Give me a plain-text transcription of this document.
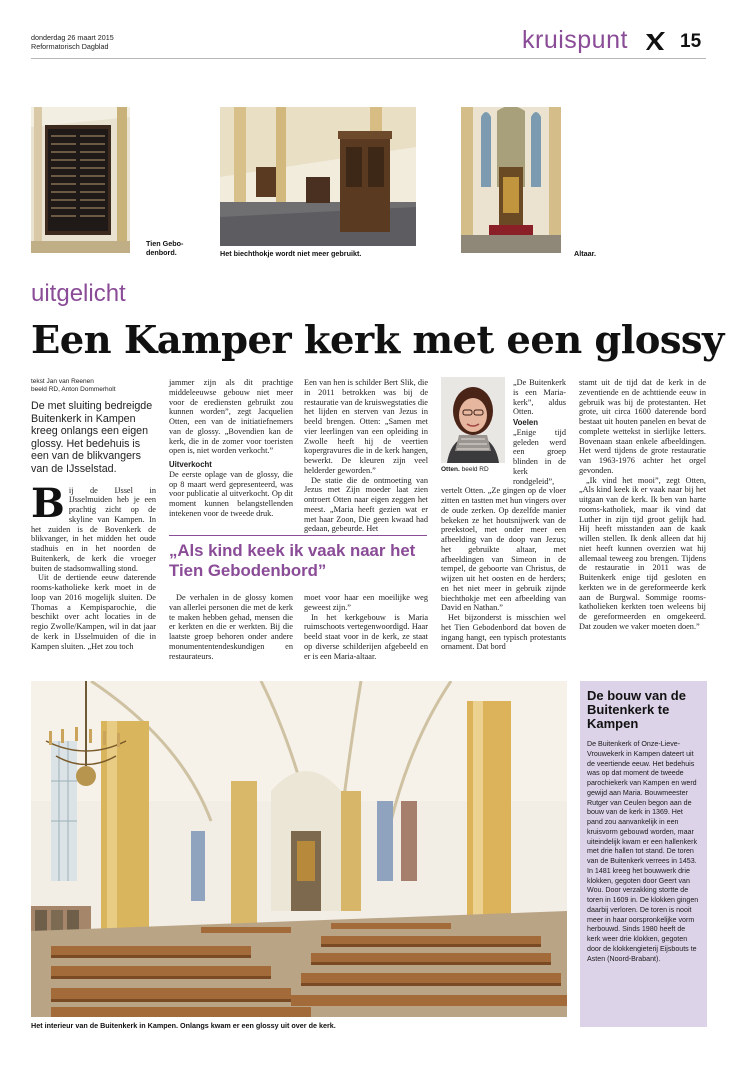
donderdag 26 maart 2015
Reformatorisch Dagblad	kruispunt	15
Tien Gebo-
denbord.	Het biechthokje wordt niet meer gebruikt.	Altaar.
uitgelicht
Een Kamper kerk met een glossy
tekst Jan van Reenen
beeld RD, Anton Dommerholt
De met sluiting bedreigde Buitenkerk in Kampen kreeg onlangs een eigen glossy. Het bedehuis is een van de blikvangers van de IJsselstad.

Bij de IJssel in IJsselmuiden heb je een prachtig zicht op de skyline van Kampen. In het zuiden is de Bovenkerk de blikvanger, in het midden het oude stadhuis en in het noorden de Buitenkerk, de kerk die vroeger buiten de stadsomwalling stond.

Uit de dertiende eeuw daterende rooms-katholieke kerk moet in de loop van 2016 mogelijk sluiten. De Thomas a Kempisparochie, die beschikt over acht locaties in de regio Zwolle/Kampen, wil in dat jaar de kerk in IJsselmuiden of die in Kampen sluiten. „Het zou toch

jammer zijn als dit prachtige middeleeuwse gebouw niet meer voor de erediensten gebruikt zou kunnen worden”, zegt Jacquelien Otten, een van de initiatiefnemers van de glossy. „Bovendien kan de kerk, die in de zomer voor toeristen open is, niet worden verkocht.”

Uitverkocht

De eerste oplage van de glossy, die op 8 maart werd gepresenteerd, was voor publicatie al uitverkocht. Op dit moment kunnen belangstellenden intekenen voor de tweede druk.

De verhalen in de glossy komen van allerlei personen die met de kerk te maken hebben gehad, mensen die er kerkten en die er werkten. Bij die laatste groep behoren onder andere monumententendeskundigen en restaurateurs.

„Als kind keek ik vaak naar het Tien Gebodenbord”

Een van hen is schilder Bert Slik, die in 2011 betrokken was bij de restauratie van de kruiswegstaties die het lijden en sterven van Jezus in beeld brengen. Otten: „Samen met vier leerlingen van een opleiding in Zwolle heeft hij de veertien kopergravures die in de kerk hangen, bewerkt. De kleuren zijn veel helderder geworden.”

De statie die de ontmoeting van Jezus met Zijn moeder laat zien ontroert Otten naar eigen zeggen het meest. „Maria heeft gezien wat er met haar Zoon, Die geen kwaad had gedaan, gebeurde. Het

moet voor haar een moeilijke weg geweest zijn.”

In het kerkgebouw is Maria ruimschoots vertegenwoordigd. Haar beeld staat voor in de kerk, ze staat op diverse schilderijen afgebeeld en er is een Maria-altaar.

Otten. beeld RD

„De Buitenkerk is een Maria-kerk”, aldus Otten.

Voelen

„Enige tijd geleden werd een groep blinden in de kerk rondgeleid”, vertelt Otten. „Ze gingen op de vloer zitten en tastten met hun vingers over de oude zerken. Op dezelfde manier bekeken ze het houtsnijwerk van de preekstoel, met onder meer een afbeelding van de doop van Jezus; het gebruikte altaar, met afbeeldingen van Simeon in de tempel, de geboorte van Christus, de wijzen uit het oosten en de herders; en het niet meer in gebruik zijnde biechthokje met een afbeelding van David en Nathan.”

Het bijzonderst is misschien wel het Tien Gebodenbord dat boven de ingang hangt, een typisch protestants ornament. Dat bord

stamt uit de tijd dat de kerk in de zeventiende en de achttiende eeuw in gebruik was bij de protestanten. Het grote, uit circa 1600 daterende bord bestaat uit houten panelen en bevat de complete wettekst in sierlijke letters. Bovenaan staan enkele afbeeldingen. Het werd tijdens de grote restauratie van 1963-1976 achter het orgel gevonden.

„Ik vind het mooi”, zegt Otten, „Als kind keek ik er vaak naar bij het uitgaan van de kerk. Ik ben van harte rooms-katholiek, maar ik vind dat Luther in zijn tijd groot gelijk had. Hij heeft misstanden aan de kaak willen stellen. Ik denk alleen dat hij niet heeft kunnen overzien wat hij allemaal teweeg zou brengen. Tijdens de restauratie in 2011 was de Buitenkerk enige tijd gesloten en kerkten we in de gereformeerde kerk aan de Burgwal. Sommige rooms-katholieken kerkten toen weleens bij de gereformeerden en omgekeerd. Dat zouden we vaker moeten doen.”

Het interieur van de Buitenkerk in Kampen. Onlangs kwam er een glossy uit over de kerk.
De bouw van de Buitenkerk te Kampen

De Buitenkerk of Onze-Lieve-Vrouwekerk in Kampen dateert uit de veertiende eeuw. Het bedehuis was op dat moment de tweede parochiekerk van Kampen en werd gewijd aan Maria. Bouwmeester Rutger van Ceulen begon aan de bouw van de kerk in 1369. Het pand zou aanvankelijk in een kruisvorm gebouwd worden, maar uiteindelijk kwam er een hallenkerk met drie hallen tot stand. De toren van de Buitenkerk verrees in 1453. In 1481 kreeg het bouwwerk drie klokken, gegoten door Geert van Wou. Door verzakking stortte de toren in 1609 in. De klokken gingen daarbij verloren. De toren is nooit meer in haar oorspronkelijke vorm herbouwd. Sinds 1980 heeft de kerk weer drie klokken, gegoten door de klokkengieterij Eijsbouts te Asten (Noord-Brabant).
